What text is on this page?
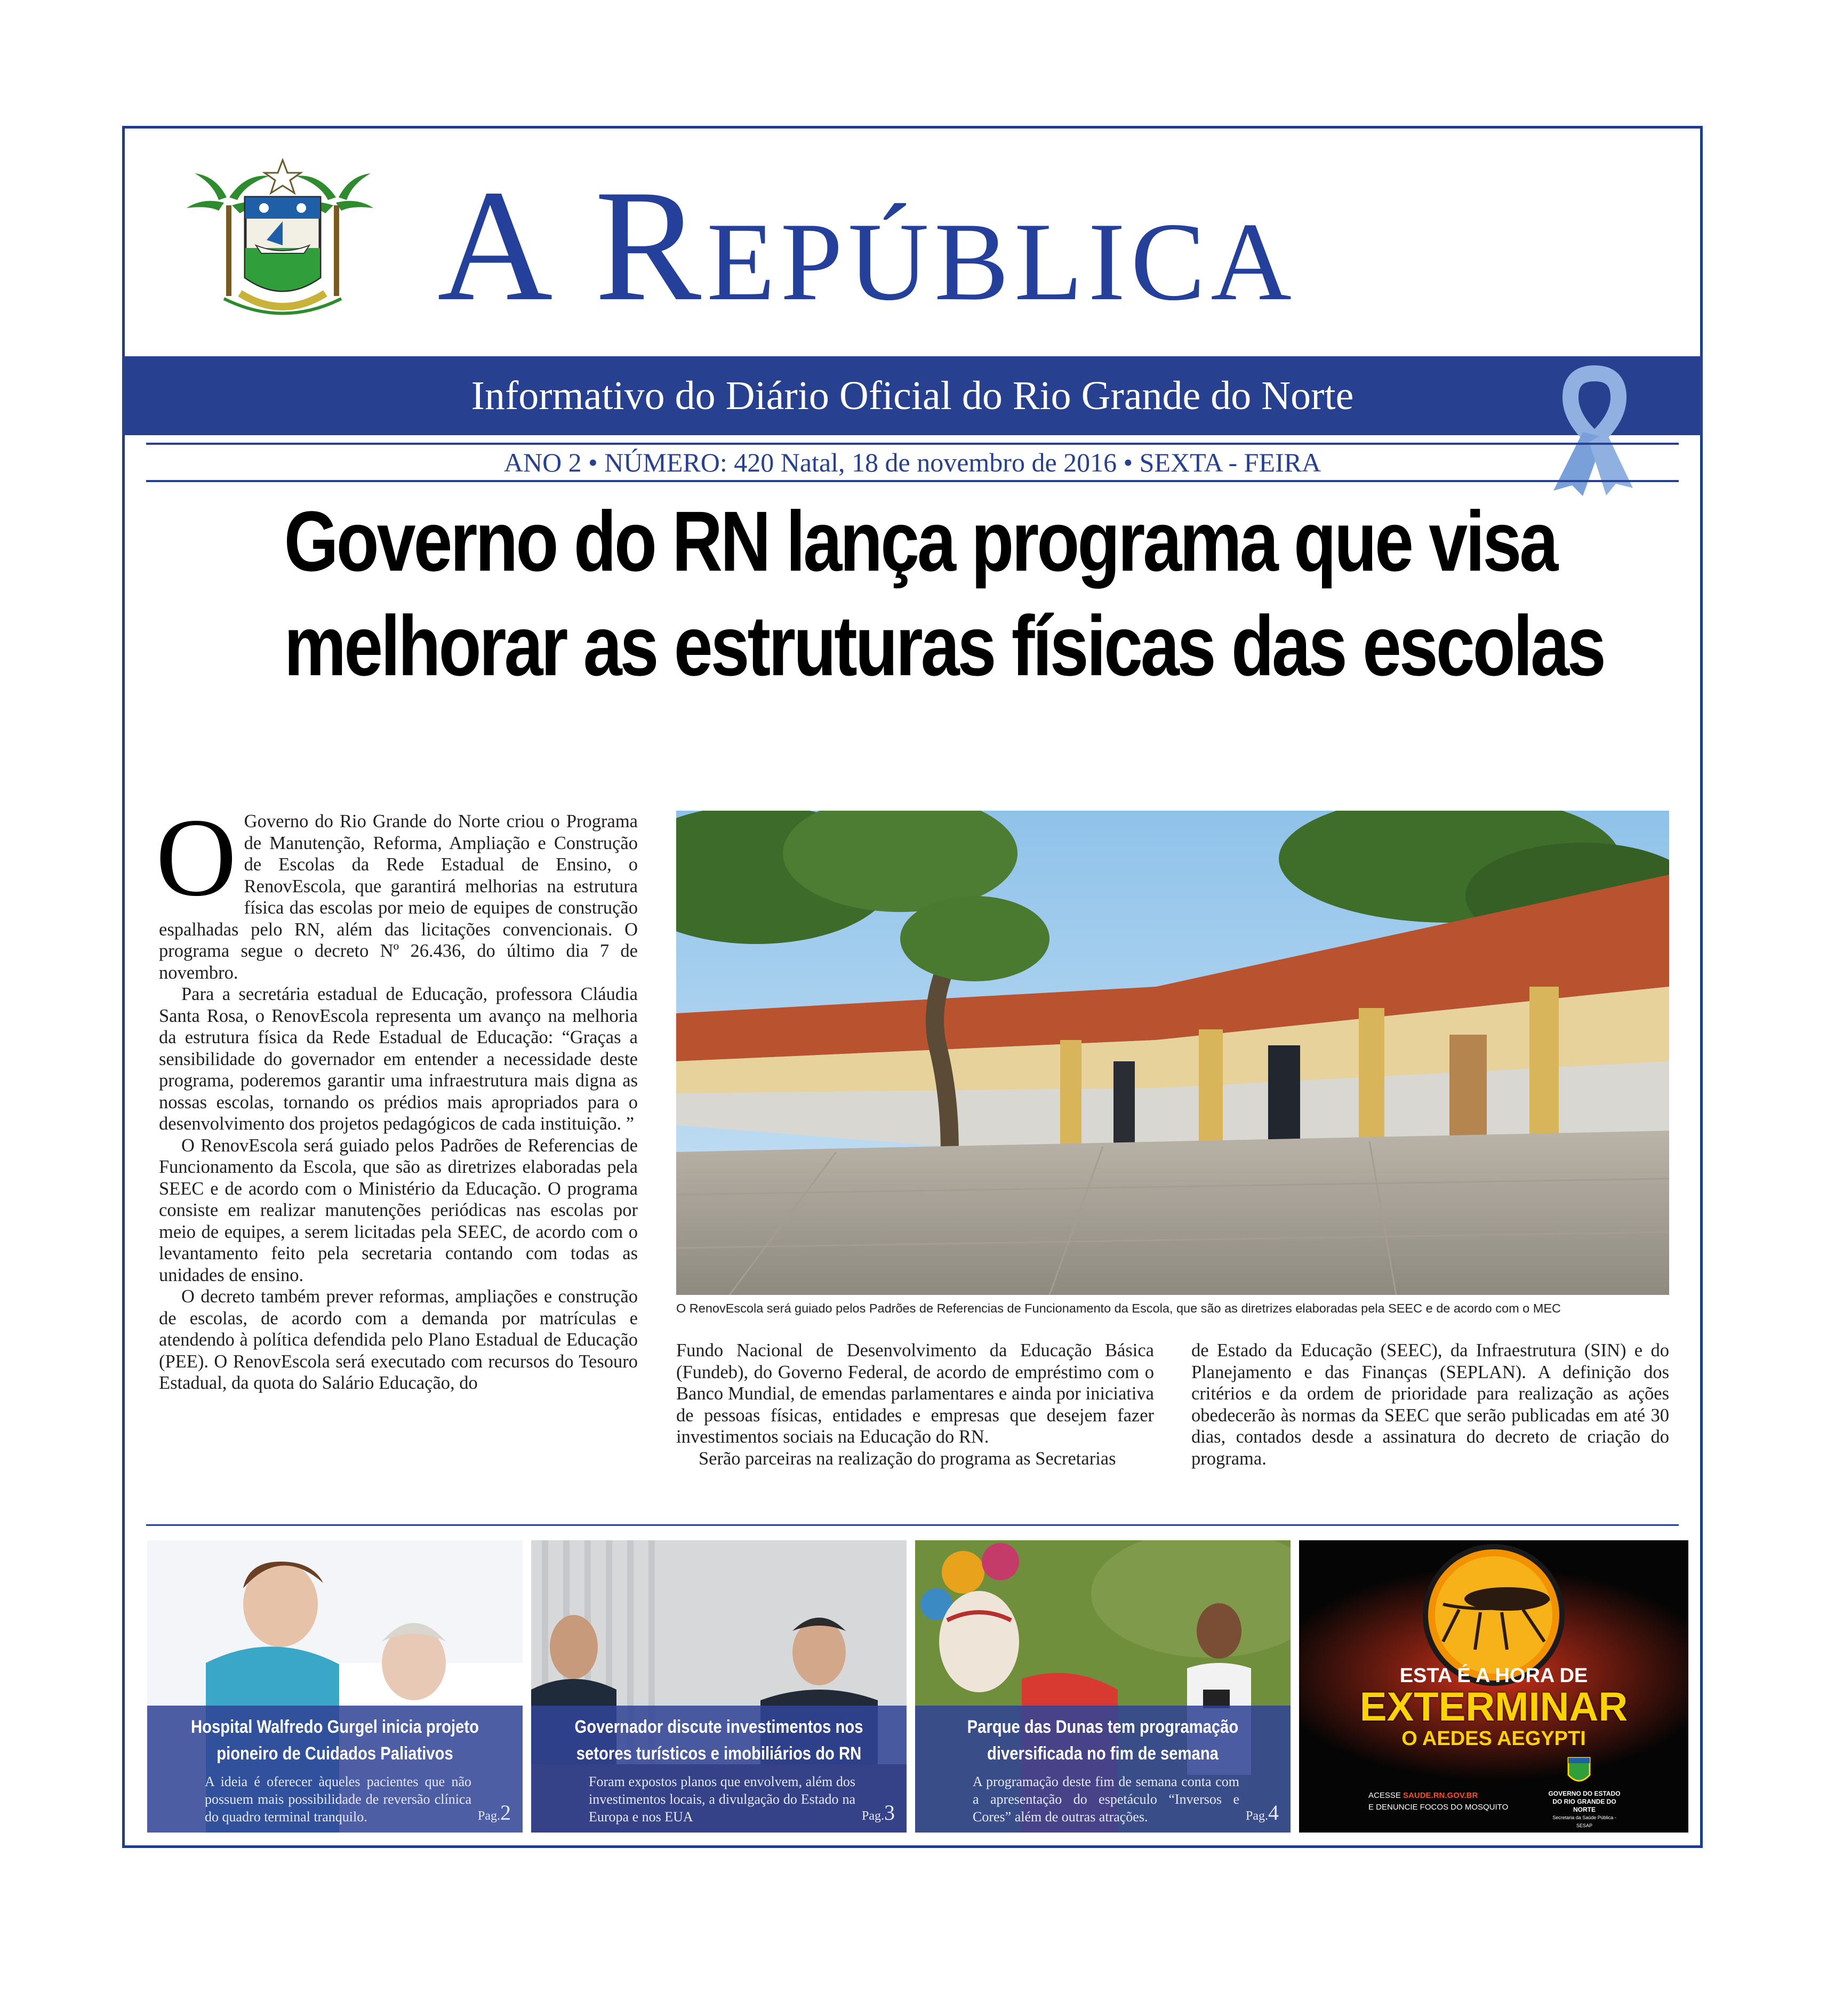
A República
Informativo do Diário Oficial do Rio Grande do Norte
ANO 2 • NÚMERO: 420 Natal, 18 de novembro de 2016 • SEXTA - FEIRA
Governo do RN lança programa que visa
melhorar as estruturas físicas das escolas

O Governo do Rio Grande do Norte criou o Programa de Manutenção, Reforma, Ampliação e Construção de Escolas da Rede Estadual de Ensino, o RenovEscola, que garantirá melhorias na estrutura física das escolas por meio de equipes de construção espalhadas pelo RN, além das licitações convencionais. O programa segue o decreto Nº 26.436, do último dia 7 de novembro.

Para a secretária estadual de Educação, professora Cláudia Santa Rosa, o RenovEscola representa um avanço na melhoria da estrutura física da Rede Estadual de Educação: “Graças a sensibilidade do governador em entender a necessidade deste programa, poderemos garantir uma infraestrutura mais digna as nossas escolas, tornando os prédios mais apropriados para o desenvolvimento dos projetos pedagógicos de cada instituição. ”

O RenovEscola será guiado pelos Padrões de Referencias de Funcionamento da Escola, que são as diretrizes elaboradas pela SEEC e de acordo com o Ministério da Educação. O programa consiste em realizar manutenções periódicas nas escolas por meio de equipes, a serem licitadas pela SEEC, de acordo com o levantamento feito pela secretaria contando com todas as unidades de ensino.

O decreto também prever reformas, ampliações e construção de escolas, de acordo com a demanda por matrículas e atendendo à política defendida pelo Plano Estadual de Educação (PEE). O RenovEscola será executado com recursos do Tesouro Estadual, da quota do Salário Educação, do

O RenovEscola será guiado pelos Padrões de Referencias de Funcionamento da Escola, que são as diretrizes elaboradas pela SEEC e de acordo com o MEC

Fundo Nacional de Desenvolvimento da Educação Básica (Fundeb), do Governo Federal, de acordo de empréstimo com o Banco Mundial, de emendas parlamentares e ainda por iniciativa de pessoas físicas, entidades e empresas que desejem fazer investimentos sociais na Educação do RN.

Serão parceiras na realização do programa as Secretarias

de Estado da Educação (SEEC), da Infraestrutura (SIN) e do Planejamento e das Finanças (SEPLAN). A definição dos critérios e da ordem de prioridade para realização as ações obedecerão às normas da SEEC que serão publicadas em até 30 dias, contados desde a assinatura do decreto de criação do programa.

Hospital Walfredo Gurgel inicia projeto pioneiro de Cuidados Paliativos
A ideia é oferecer àqueles pacientes que não possuem mais possibilidade de reversão clínica do quadro terminal tranquilo.	Pag.2
Governador discute investimentos nos setores turísticos e imobiliários do RN
Foram expostos planos que envolvem, além dos investimentos locais, a divulgação do Estado na Europa e nos EUA	Pag.3
Parque das Dunas tem programação diversificada no fim de semana
A programação deste fim de semana conta com a apresentação do espetáculo “Inversos e Cores” além de outras atrações.	Pag.4
ESTA É A HORA DE
EXTERMINAR
O AEDES AEGYPTI
ACESSE SAUDE.RN.GOV.BR
E DENUNCIE FOCOS DO MOSQUITO
GOVERNO DO ESTADO
DO RIO GRANDE DO NORTE
Secretaria da Saúde Pública - SESAP
